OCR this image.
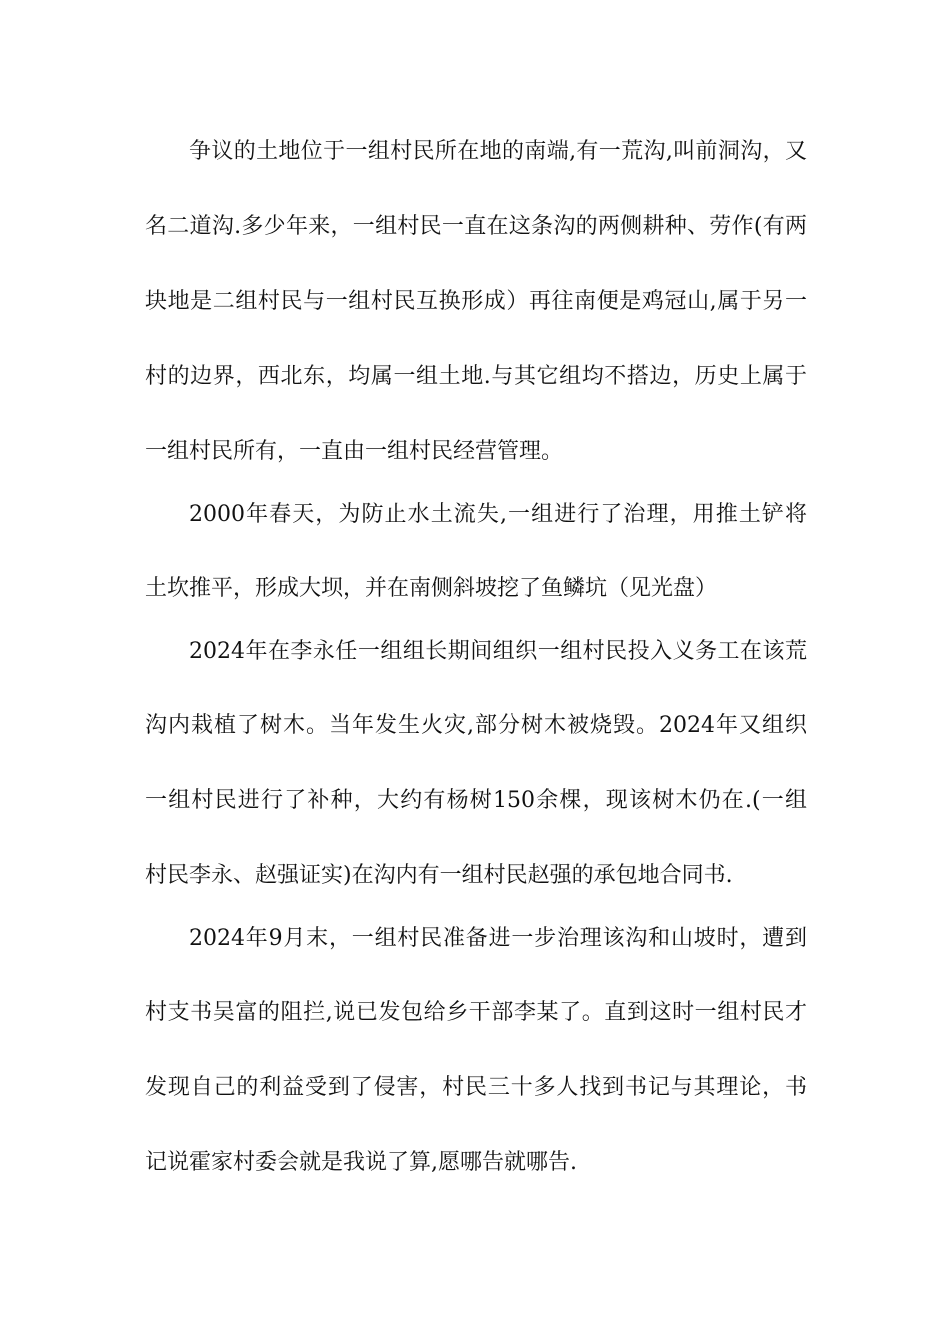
争议的土地位于一组村民所在地的南端,有一荒沟,叫前洞沟，又
名二道沟.多少年来，一组村民一直在这条沟的两侧耕种、劳作(有两
块地是二组村民与一组村民互换形成）再往南便是鸡冠山,属于另一
村的边界，西北东，均属一组土地.与其它组均不搭边，历史上属于
一组村民所有，一直由一组村民经营管理。
2000年春天，为防止水土流失,一组进行了治理，用推土铲将
土坎推平，形成大坝，并在南侧斜坡挖了鱼鳞坑（见光盘）
2024年在李永任一组组长期间组织一组村民投入义务工在该荒
沟内栽植了树木。当年发生火灾,部分树木被烧毁。2024年又组织
一组村民进行了补种，大约有杨树150余棵，现该树木仍在.(一组
村民李永、赵强证实)在沟内有一组村民赵强的承包地合同书.
2024年9月末，一组村民准备进一步治理该沟和山坡时，遭到
村支书吴富的阻拦,说已发包给乡干部李某了。直到这时一组村民才
发现自己的利益受到了侵害，村民三十多人找到书记与其理论，书
记说霍家村委会就是我说了算,愿哪告就哪告.
